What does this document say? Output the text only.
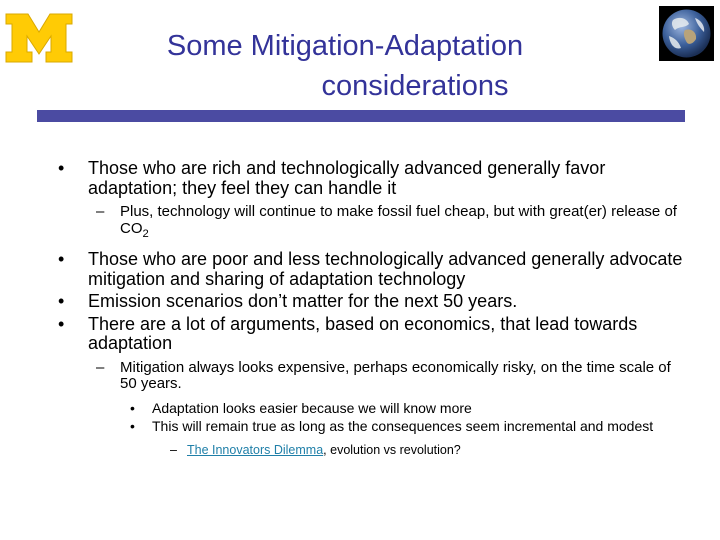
Some Mitigation-Adaptation
considerations
• Those who are rich and technologically advanced generally favor adaptation; they feel they can handle it
– Plus, technology will continue to make fossil fuel cheap, but with great(er) release of $CO_2$
• Those who are poor and less technologically advanced generally advocate mitigation and sharing of adaptation technology
• Emission scenarios don’t matter for the next 50 years.
• There are a lot of arguments, based on economics, that lead towards adaptation
– Mitigation always looks expensive, perhaps economically risky, on the time scale of 50 years.
• Adaptation looks easier because we will know more
• This will remain true as long as the consequences seem incremental and modest
– The Innovators Dilemma, evolution vs revolution?
